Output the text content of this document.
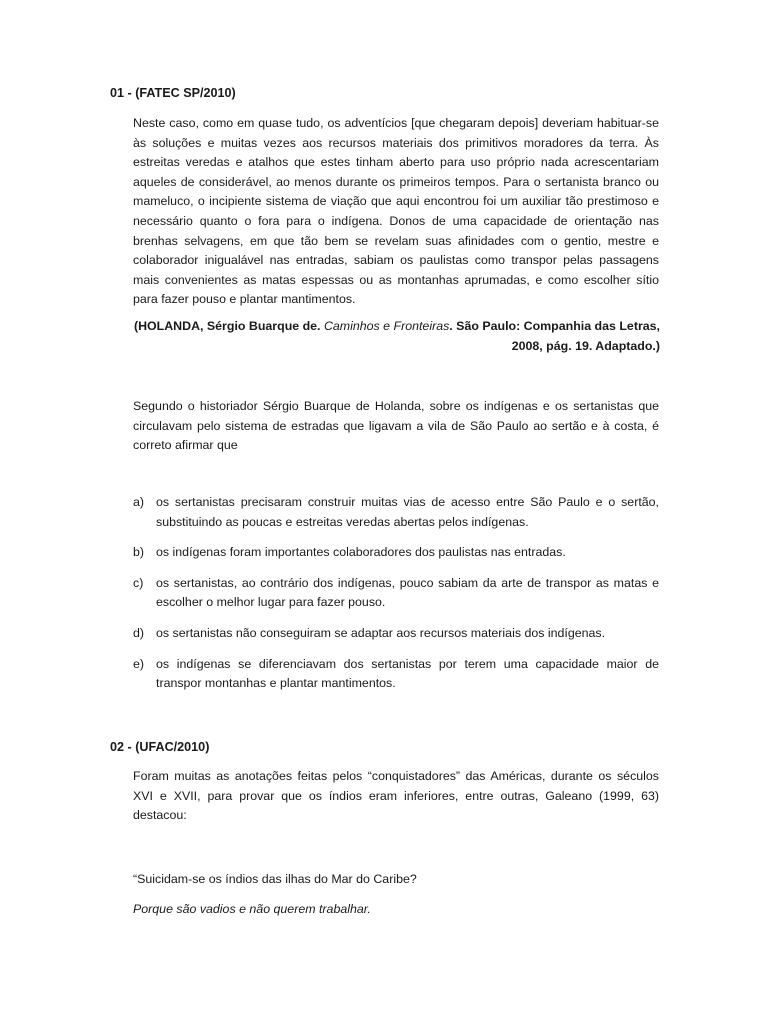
01 - (FATEC SP/2010)

Neste caso, como em quase tudo, os adventícios [que chegaram depois] deveriam habituar-se às soluções e muitas vezes aos recursos materiais dos primitivos moradores da terra. Às estreitas veredas e atalhos que estes tinham aberto para uso próprio nada acrescentariam aqueles de considerável, ao menos durante os primeiros tempos. Para o sertanista branco ou mameluco, o incipiente sistema de viação que aqui encontrou foi um auxiliar tão prestimoso e necessário quanto o fora para o indígena. Donos de uma capacidade de orientação nas brenhas selvagens, em que tão bem se revelam suas afinidades com o gentio, mestre e colaborador inigualável nas entradas, sabiam os paulistas como transpor pelas passagens mais convenientes as matas espessas ou as montanhas aprumadas, e como escolher sítio para fazer pouso e plantar mantimentos.

(HOLANDA, Sérgio Buarque de. Caminhos e Fronteiras. São Paulo: Companhia das Letras, 2008, pág. 19. Adaptado.)

Segundo o historiador Sérgio Buarque de Holanda, sobre os indígenas e os sertanistas que circulavam pelo sistema de estradas que ligavam a vila de São Paulo ao sertão e à costa, é correto afirmar que

a) os sertanistas precisaram construir muitas vias de acesso entre São Paulo e o sertão, substituindo as poucas e estreitas veredas abertas pelos indígenas.
b) os indígenas foram importantes colaboradores dos paulistas nas entradas.
c) os sertanistas, ao contrário dos indígenas, pouco sabiam da arte de transpor as matas e escolher o melhor lugar para fazer pouso.
d) os sertanistas não conseguiram se adaptar aos recursos materiais dos indígenas.
e) os indígenas se diferenciavam dos sertanistas por terem uma capacidade maior de transpor montanhas e plantar mantimentos.
02 - (UFAC/2010)

Foram muitas as anotações feitas pelos “conquistadores” das Américas, durante os séculos XVI e XVII, para provar que os índios eram inferiores, entre outras, Galeano (1999, 63) destacou:

“Suicidam-se os índios das ilhas do Mar do Caribe?

Porque são vadios e não querem trabalhar.
